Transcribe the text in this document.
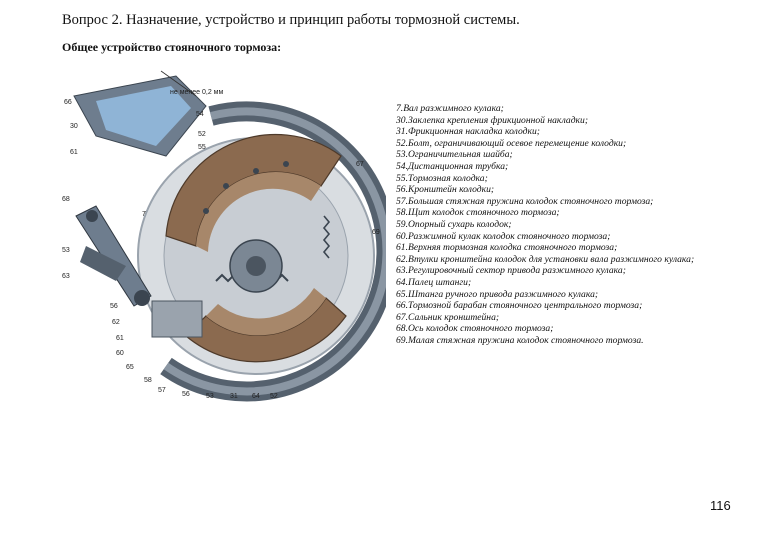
Вопрос 2. Назначение, устройство и принцип работы тормозной системы.
Общее устройство стояночного тормоза:
не менее 0,2 мм
66
30
61
54
52
55
68
7
53
63
56
62
61
60
65
58
57
56 53 31 64 52
67
69
7.Вал разжимного кулака;
30.Заклепка крепления фрикционной накладки;
31.Фрикционная накладка колодки;
52.Болт, ограничивающий осевое перемещение колодки;
53.Ограничительная шайба;
54.Дистанционная трубка;
55.Тормозная колодка;
56.Кронштейн колодки;
57.Большая стяжная пружина колодок стояночного тормоза;
58.Щит колодок стояночного тормоза;
59.Опорный сухарь колодок;
60.Разжимной кулак колодок стояночного тормоза;
61.Верхняя тормозная колодка стояночного тормоза;
62.Втулки кронштейна колодок для установки вала разжимного кулака;
63.Регулировочный сектор привода разжимного кулака;
64.Палец штанги;
65.Штанга ручного привода разжимного кулака;
66.Тормозной барабан стояночного центрального тормоза;
67.Сальник кронштейна;
68.Ось колодок стояночного тормоза;
69.Малая стяжная пружина колодок стояночного тормоза.
116
